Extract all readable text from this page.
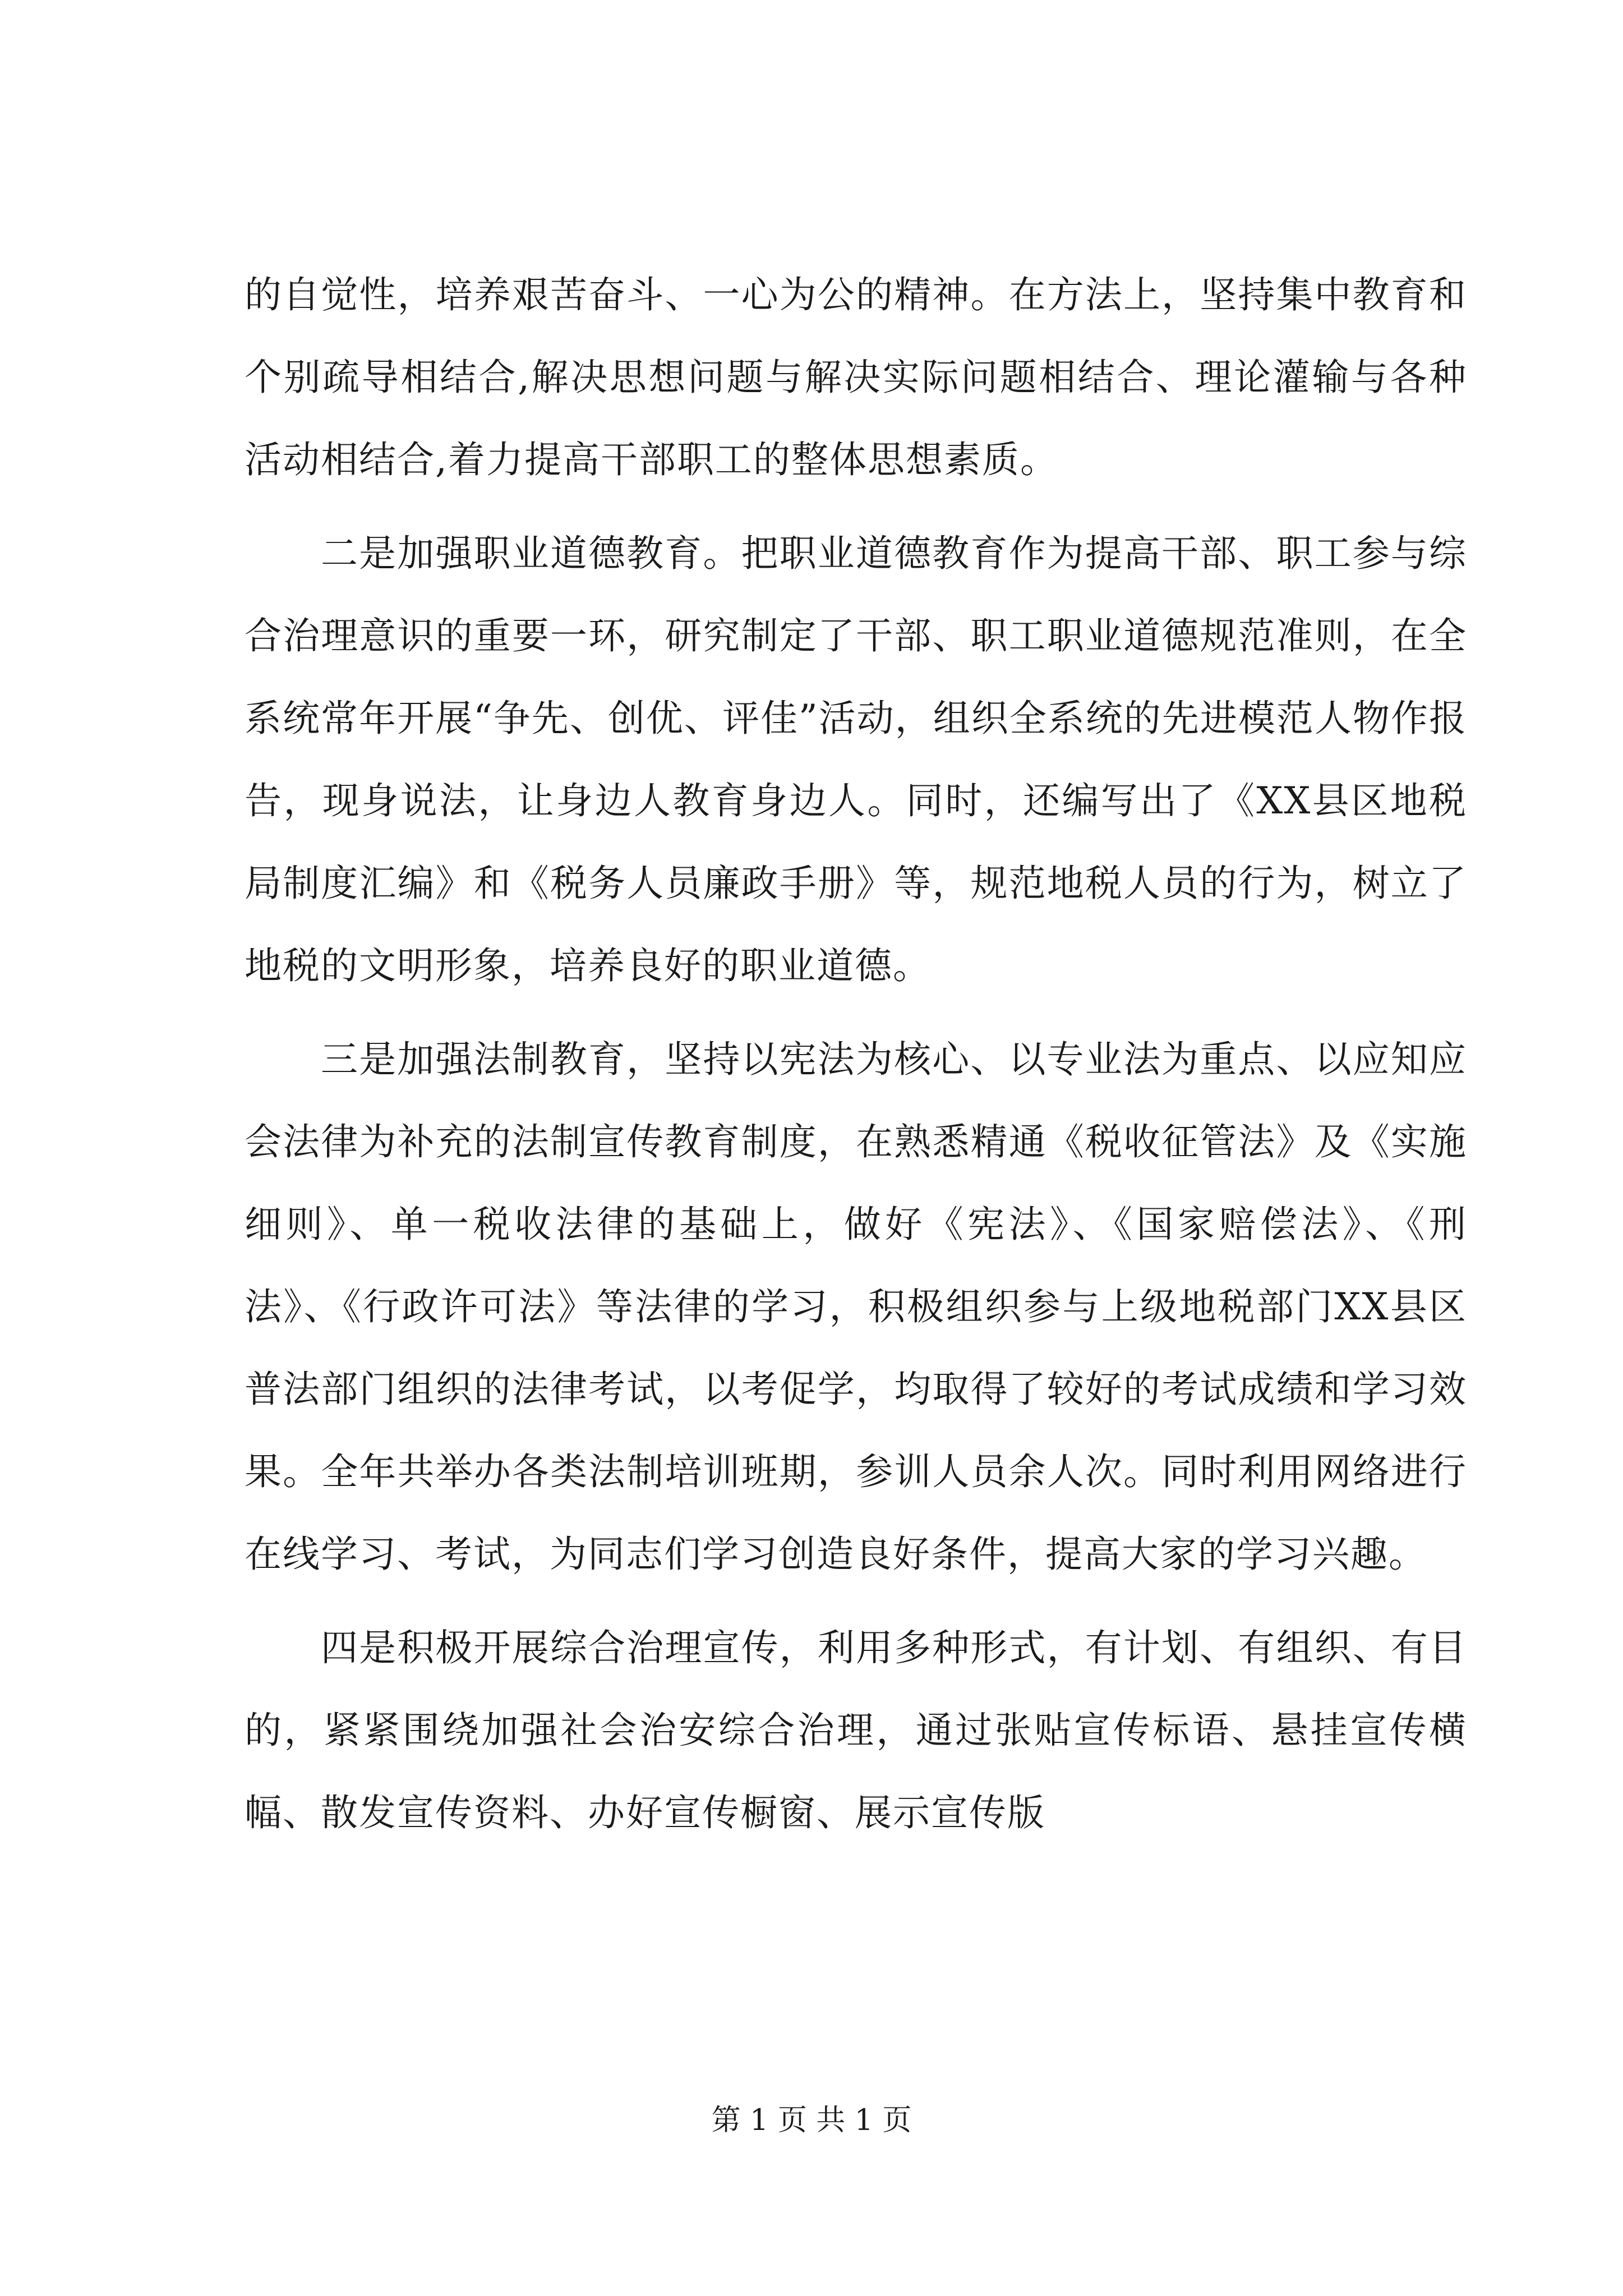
的自觉性，培养艰苦奋斗、一心为公的精神。在方法上，坚持集中教育和个别疏导相结合,解决思想问题与解决实际问题相结合、理论灌输与各种活动相结合,着力提高干部职工的整体思想素质。

二是加强职业道德教育。把职业道德教育作为提高干部、职工参与综合治理意识的重要一环，研究制定了干部、职工职业道德规范准则，在全系统常年开展“争先、创优、评佳”活动，组织全系统的先进模范人物作报告，现身说法，让身边人教育身边人。同时，还编写出了《XX县区地税局制度汇编》和《税务人员廉政手册》等，规范地税人员的行为，树立了地税的文明形象，培养良好的职业道德。

三是加强法制教育，坚持以宪法为核心、以专业法为重点、以应知应会法律为补充的法制宣传教育制度，在熟悉精通《税收征管法》及《实施细则》、单一税收法律的基础上，做好《宪法》、《国家赔偿法》、《刑法》、《行政许可法》等法律的学习，积极组织参与上级地税部门XX县区普法部门组织的法律考试，以考促学，均取得了较好的考试成绩和学习效果。全年共举办各类法制培训班期，参训人员余人次。同时利用网络进行在线学习、考试，为同志们学习创造良好条件，提高大家的学习兴趣。

四是积极开展综合治理宣传，利用多种形式，有计划、有组织、有目的，紧紧围绕加强社会治安综合治理，通过张贴宣传标语、悬挂宣传横幅、散发宣传资料、办好宣传橱窗、展示宣传版

第 1 页 共 1 页
